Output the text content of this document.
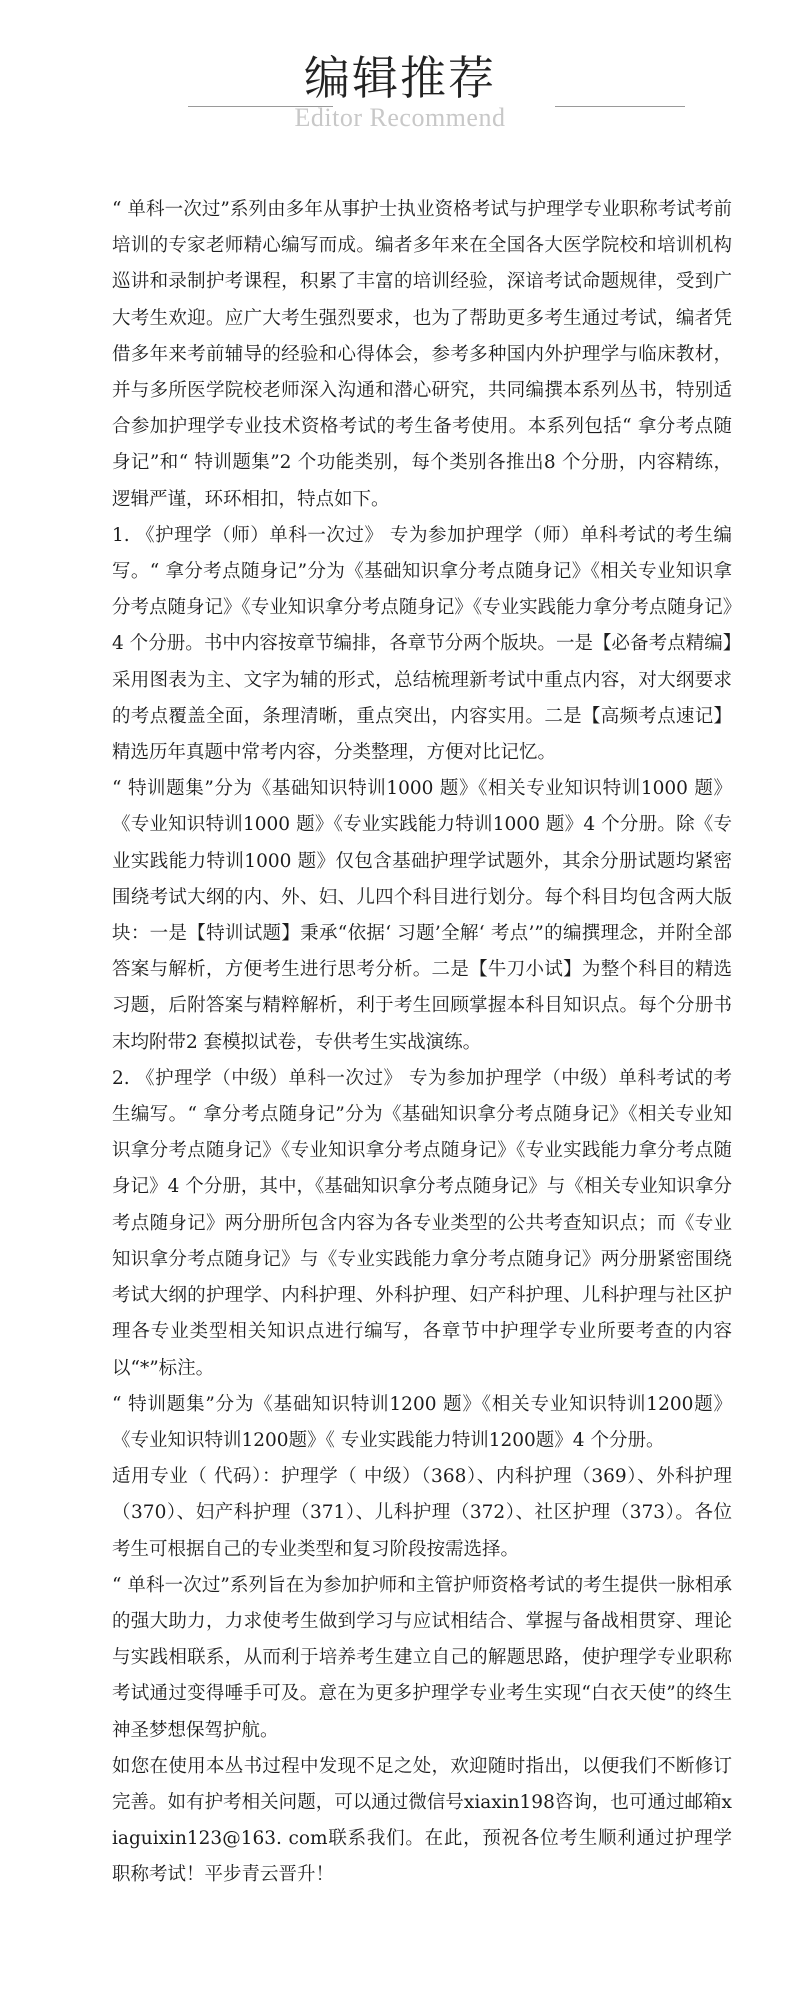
编辑推荐
Editor Recommend

“ 单科一次过”系列由多年从事护士执业资格考试与护理学专业职称考试考前培训的专家老师精心编写而成。编者多年来在全国各大医学院校和培训机构巡讲和录制护考课程，积累了丰富的培训经验，深谙考试命题规律，受到广大考生欢迎。应广大考生强烈要求，也为了帮助更多考生通过考试，编者凭借多年来考前辅导的经验和心得体会，参考多种国内外护理学与临床教材，并与多所医学院校老师深入沟通和潜心研究，共同编撰本系列丛书，特别适合参加护理学专业技术资格考试的考生备考使用。本系列包括“ 拿分考点随身记”和“ 特训题集”2 个功能类别，每个类别各推出8 个分册，内容精练，逻辑严谨，环环相扣，特点如下。

1. 《护理学（师）单科一次过》 专为参加护理学（师）单科考试的考生编写。“ 拿分考点随身记”分为《基础知识拿分考点随身记》《相关专业知识拿分考点随身记》《专业知识拿分考点随身记》《专业实践能力拿分考点随身记》4 个分册。书中内容按章节编排，各章节分两个版块。一是【必备考点精编】采用图表为主、文字为辅的形式，总结梳理新考试中重点内容，对大纲要求的考点覆盖全面，条理清晰，重点突出，内容实用。二是【高频考点速记】精选历年真题中常考内容，分类整理，方便对比记忆。

“ 特训题集”分为《基础知识特训1000 题》《相关专业知识特训1000 题》《专业知识特训1000 题》《专业实践能力特训1000 题》4 个分册。除《专业实践能力特训1000 题》仅包含基础护理学试题外，其余分册试题均紧密围绕考试大纲的内、外、妇、儿四个科目进行划分。每个科目均包含两大版块：一是【特训试题】秉承“依据‘ 习题’全解‘ 考点’”的编撰理念，并附全部答案与解析，方便考生进行思考分析。二是【牛刀小试】为整个科目的精选习题，后附答案与精粹解析，利于考生回顾掌握本科目知识点。每个分册书末均附带2 套模拟试卷，专供考生实战演练。

2. 《护理学（中级）单科一次过》 专为参加护理学（中级）单科考试的考生编写。“ 拿分考点随身记”分为《基础知识拿分考点随身记》《相关专业知识拿分考点随身记》《专业知识拿分考点随身记》《专业实践能力拿分考点随身记》4 个分册，其中，《基础知识拿分考点随身记》与《相关专业知识拿分考点随身记》两分册所包含内容为各专业类型的公共考查知识点；而《专业知识拿分考点随身记》与《专业实践能力拿分考点随身记》两分册紧密围绕考试大纲的护理学、内科护理、外科护理、妇产科护理、儿科护理与社区护理各专业类型相关知识点进行编写，各章节中护理学专业所要考查的内容以“*”标注。

“ 特训题集”分为《基础知识特训1200 题》《相关专业知识特训1200题》《专业知识特训1200题》《 专业实践能力特训1200题》4 个分册。

适用专业（ 代码）：护理学（ 中级）（368）、内科护理（369）、外科护理（370）、妇产科护理（371）、儿科护理（372）、社区护理（373）。各位考生可根据自己的专业类型和复习阶段按需选择。

“ 单科一次过”系列旨在为参加护师和主管护师资格考试的考生提供一脉相承的强大助力，力求使考生做到学习与应试相结合、掌握与备战相贯穿、理论与实践相联系，从而利于培养考生建立自己的解题思路，使护理学专业职称考试通过变得唾手可及。意在为更多护理学专业考生实现“白衣天使”的终生神圣梦想保驾护航。

如您在使用本丛书过程中发现不足之处，欢迎随时指出，以便我们不断修订完善。如有护考相关问题，可以通过微信号xiaxin198咨询，也可通过邮箱xiaguixin123@163. com联系我们。在此，预祝各位考生顺利通过护理学职称考试！平步青云晋升！
